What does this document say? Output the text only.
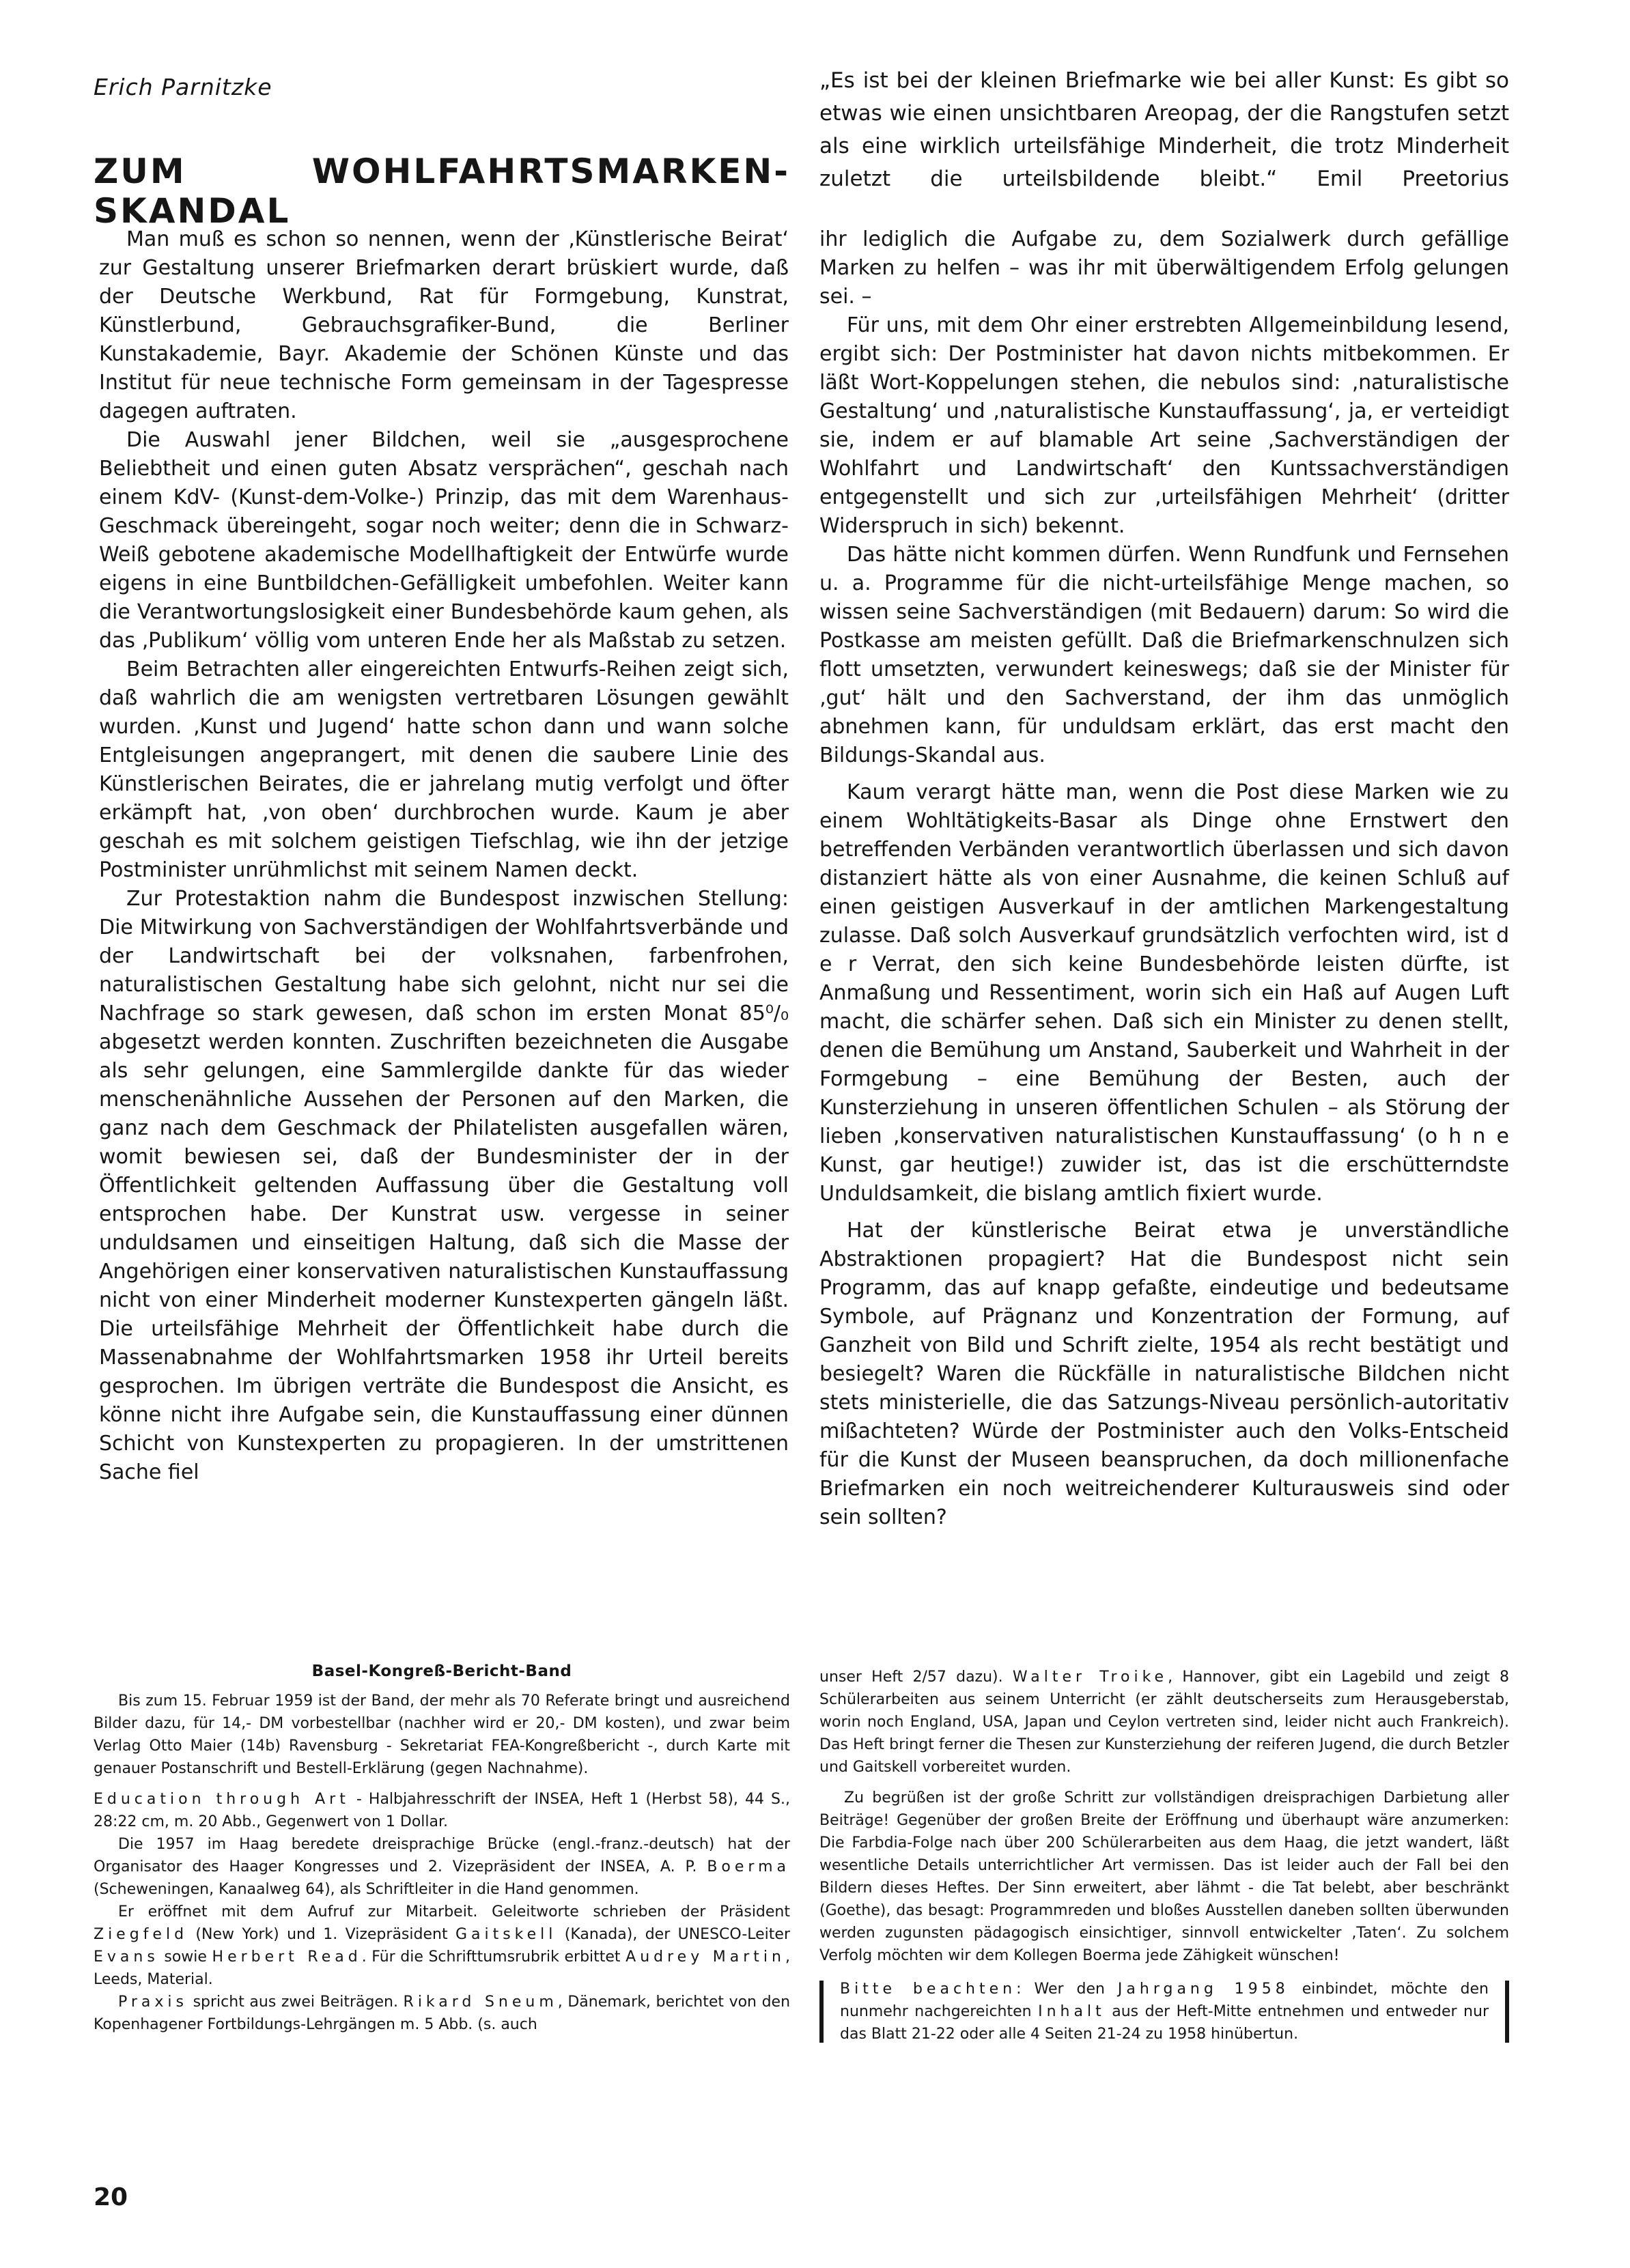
Erich Parnitzke
ZUM WOHLFAHRTSMARKEN-SKANDAL

„Es ist bei der kleinen Briefmarke wie bei aller Kunst: Es gibt so etwas wie einen unsichtbaren Areopag, der die Rangstufen setzt als eine wirklich urteilsfähige Minderheit, die trotz Minderheit zuletzt die urteilsbildende bleibt.“ Emil Preetorius

Man muß es schon so nennen, wenn der ‚Künstlerische Beirat‘ zur Gestaltung unserer Briefmarken derart brüskiert wurde, daß der Deutsche Werkbund, Rat für Formgebung, Kunstrat, Künstlerbund, Gebrauchsgrafiker-Bund, die Berliner Kunstakademie, Bayr. Akademie der Schönen Künste und das Institut für neue technische Form gemeinsam in der Tagespresse dagegen auftraten.

Die Auswahl jener Bildchen, weil sie „ausgesprochene Beliebtheit und einen guten Absatz versprächen“, geschah nach einem KdV- (Kunst-dem-Volke-) Prinzip, das mit dem Warenhaus-Geschmack übereingeht, sogar noch weiter; denn die in Schwarz-Weiß gebotene akademische Modellhaftigkeit der Entwürfe wurde eigens in eine Buntbildchen-Gefälligkeit umbefohlen. Weiter kann die Verantwortungslosigkeit einer Bundesbehörde kaum gehen, als das ‚Publikum‘ völlig vom unteren Ende her als Maßstab zu setzen.

Beim Betrachten aller eingereichten Entwurfs-Reihen zeigt sich, daß wahrlich die am wenigsten vertretbaren Lösungen gewählt wurden. ‚Kunst und Jugend‘ hatte schon dann und wann solche Entgleisungen angeprangert, mit denen die saubere Linie des Künstlerischen Beirates, die er jahrelang mutig verfolgt und öfter erkämpft hat, ‚von oben‘ durchbrochen wurde. Kaum je aber geschah es mit solchem geistigen Tiefschlag, wie ihn der jetzige Postminister unrühmlichst mit seinem Namen deckt.

Zur Protestaktion nahm die Bundespost inzwischen Stellung: Die Mitwirkung von Sachverständigen der Wohlfahrtsverbände und der Landwirtschaft bei der volksnahen, farbenfrohen, naturalistischen Gestaltung habe sich gelohnt, nicht nur sei die Nachfrage so stark gewesen, daß schon im ersten Monat 85⁰/₀ abgesetzt werden konnten. Zuschriften bezeichneten die Ausgabe als sehr gelungen, eine Sammlergilde dankte für das wieder menschenähnliche Aussehen der Personen auf den Marken, die ganz nach dem Geschmack der Philatelisten ausgefallen wären, womit bewiesen sei, daß der Bundesminister der in der Öffentlichkeit geltenden Auffassung über die Gestaltung voll entsprochen habe. Der Kunstrat usw. vergesse in seiner unduldsamen und einseitigen Haltung, daß sich die Masse der Angehörigen einer konservativen naturalistischen Kunstauffassung nicht von einer Minderheit moderner Kunstexperten gängeln läßt. Die urteilsfähige Mehrheit der Öffentlichkeit habe durch die Massenabnahme der Wohlfahrtsmarken 1958 ihr Urteil bereits gesprochen. Im übrigen verträte die Bundespost die Ansicht, es könne nicht ihre Aufgabe sein, die Kunstauffassung einer dünnen Schicht von Kunstexperten zu propagieren. In der umstrittenen Sache fiel

ihr lediglich die Aufgabe zu, dem Sozialwerk durch gefällige Marken zu helfen – was ihr mit überwältigendem Erfolg gelungen sei. –

Für uns, mit dem Ohr einer erstrebten Allgemeinbildung lesend, ergibt sich: Der Postminister hat davon nichts mitbekommen. Er läßt Wort-Koppelungen stehen, die nebulos sind: ‚naturalistische Gestaltung‘ und ‚naturalistische Kunstauffassung‘, ja, er verteidigt sie, indem er auf blamable Art seine ‚Sachverständigen der Wohlfahrt und Landwirtschaft‘ den Kuntssachverständigen entgegenstellt und sich zur ‚urteilsfähigen Mehrheit‘ (dritter Widerspruch in sich) bekennt.

Das hätte nicht kommen dürfen. Wenn Rundfunk und Fernsehen u. a. Programme für die nicht-urteilsfähige Menge machen, so wissen seine Sachverständigen (mit Bedauern) darum: So wird die Postkasse am meisten gefüllt. Daß die Briefmarkenschnulzen sich flott umsetzten, verwundert keineswegs; daß sie der Minister für ‚gut‘ hält und den Sachverstand, der ihm das unmöglich abnehmen kann, für unduldsam erklärt, das erst macht den Bildungs-Skandal aus.

Kaum verargt hätte man, wenn die Post diese Marken wie zu einem Wohltätigkeits-Basar als Dinge ohne Ernstwert den betreffenden Verbänden verantwortlich überlassen und sich davon distanziert hätte als von einer Ausnahme, die keinen Schluß auf einen geistigen Ausverkauf in der amtlichen Markengestaltung zulasse. Daß solch Ausverkauf grundsätzlich verfochten wird, ist d e r Verrat, den sich keine Bundesbehörde leisten dürfte, ist Anmaßung und Ressentiment, worin sich ein Haß auf Augen Luft macht, die schärfer sehen. Daß sich ein Minister zu denen stellt, denen die Bemühung um Anstand, Sauberkeit und Wahrheit in der Formgebung – eine Bemühung der Besten, auch der Kunsterziehung in unseren öffentlichen Schulen – als Störung der lieben ‚konservativen naturalistischen Kunstauffassung‘ (o h n e Kunst, gar heutige!) zuwider ist, das ist die erschütterndste Unduldsamkeit, die bislang amtlich fixiert wurde.

Hat der künstlerische Beirat etwa je unverständliche Abstraktionen propagiert? Hat die Bundespost nicht sein Programm, das auf knapp gefaßte, eindeutige und bedeutsame Symbole, auf Prägnanz und Konzentration der Formung, auf Ganzheit von Bild und Schrift zielte, 1954 als recht bestätigt und besiegelt? Waren die Rückfälle in naturalistische Bildchen nicht stets ministerielle, die das Satzungs-Niveau persönlich-autoritativ mißachteten? Würde der Postminister auch den Volks-Entscheid für die Kunst der Museen beanspruchen, da doch millionenfache Briefmarken ein noch weitreichenderer Kulturausweis sind oder sein sollten?

Basel-Kongreß-Bericht-Band

Bis zum 15. Februar 1959 ist der Band, der mehr als 70 Referate bringt und ausreichend Bilder dazu, für 14,- DM vorbestellbar (nachher wird er 20,- DM kosten), und zwar beim Verlag Otto Maier (14b) Ravensburg - Sekretariat FEA-Kongreßbericht -, durch Karte mit genauer Postanschrift und Bestell-Erklärung (gegen Nachnahme).

Education through Art - Halbjahresschrift der INSEA, Heft 1 (Herbst 58), 44 S., 28:22 cm, m. 20 Abb., Gegenwert von 1 Dollar.

Die 1957 im Haag beredete dreisprachige Brücke (engl.-franz.-deutsch) hat der Organisator des Haager Kongresses und 2. Vizepräsident der INSEA, A. P. Boerma (Scheweningen, Kanaalweg 64), als Schriftleiter in die Hand genommen.

Er eröffnet mit dem Aufruf zur Mitarbeit. Geleitworte schrieben der Präsident Ziegfeld (New York) und 1. Vizepräsident Gaitskell (Kanada), der UNESCO-Leiter Evans sowie Herbert Read. Für die Schrifttumsrubrik erbittet Audrey Martin, Leeds, Material.

Praxis spricht aus zwei Beiträgen. Rikard Sneum, Dänemark, berichtet von den Kopenhagener Fortbildungs-Lehrgängen m. 5 Abb. (s. auch

unser Heft 2/57 dazu). Walter Troike, Hannover, gibt ein Lagebild und zeigt 8 Schülerarbeiten aus seinem Unterricht (er zählt deutscherseits zum Herausgeberstab, worin noch England, USA, Japan und Ceylon vertreten sind, leider nicht auch Frankreich). Das Heft bringt ferner die Thesen zur Kunsterziehung der reiferen Jugend, die durch Betzler und Gaitskell vorbereitet wurden.

Zu begrüßen ist der große Schritt zur vollständigen dreisprachigen Darbietung aller Beiträge! Gegenüber der großen Breite der Eröffnung und überhaupt wäre anzumerken: Die Farbdia-Folge nach über 200 Schülerarbeiten aus dem Haag, die jetzt wandert, läßt wesentliche Details unterrichtlicher Art vermissen. Das ist leider auch der Fall bei den Bildern dieses Heftes. Der Sinn erweitert, aber lähmt - die Tat belebt, aber beschränkt (Goethe), das besagt: Programmreden und bloßes Ausstellen daneben sollten überwunden werden zugunsten pädagogisch einsichtiger, sinnvoll entwickelter ‚Taten‘. Zu solchem Verfolg möchten wir dem Kollegen Boerma jede Zähigkeit wünschen!

Bitte beachten: Wer den Jahrgang 1958 einbindet, möchte den nunmehr nachgereichten Inhalt aus der Heft-Mitte entnehmen und entweder nur das Blatt 21-22 oder alle 4 Seiten 21-24 zu 1958 hinübertun.

20
